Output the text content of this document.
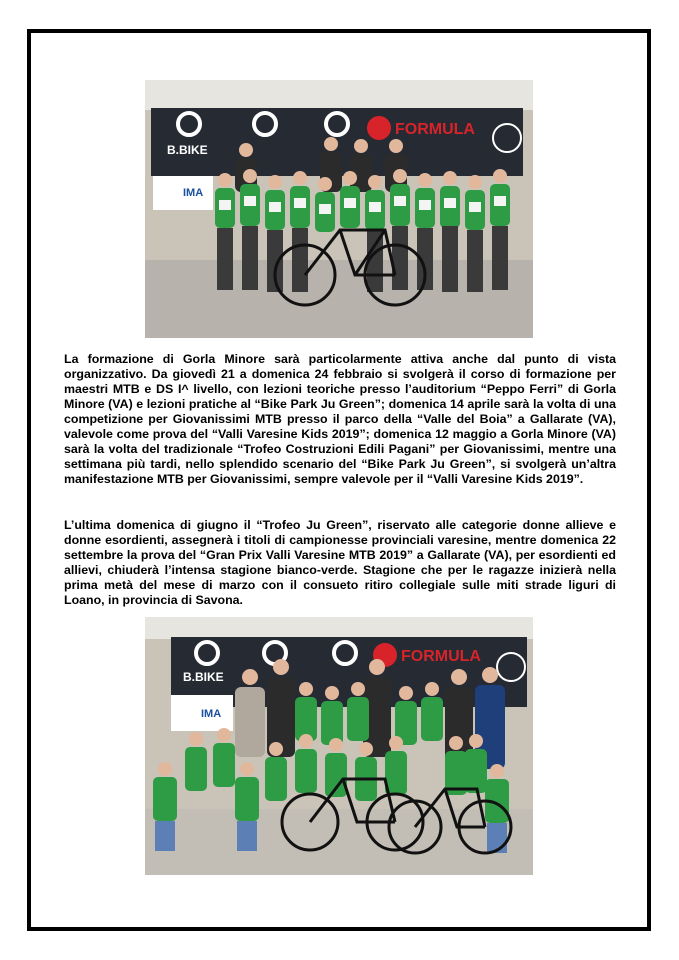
B.BIKE
FORMULA
IMA

La formazione di Gorla Minore sarà particolarmente attiva anche dal punto di vista organizzativo. Da giovedì 21 a domenica 24 febbraio si svolgerà il corso di formazione per maestri MTB e DS I^ livello, con lezioni teoriche presso l’auditorium “Peppo Ferri” di Gorla Minore (VA) e lezioni pratiche al “Bike Park Ju Green”; domenica 14 aprile sarà la volta di una competizione per Giovanissimi MTB presso il parco della “Valle del Boia” a Gallarate (VA), valevole come prova del “Valli Varesine Kids 2019”; domenica 12 maggio a Gorla Minore (VA) sarà la volta del tradizionale “Trofeo Costruzioni Edili Pagani” per Giovanissimi, mentre una settimana più tardi, nello splendido scenario del “Bike Park Ju Green”, si svolgerà un’altra manifestazione MTB per Giovanissimi, sempre valevole per il “Valli Varesine Kids 2019”.

L’ultima domenica di giugno il “Trofeo Ju Green”, riservato alle categorie donne allieve e donne esordienti, assegnerà i titoli di campionesse provinciali varesine, mentre domenica 22 settembre la prova del “Gran Prix Valli Varesine MTB 2019” a Gallarate (VA), per esordienti ed allievi, chiuderà l’intensa stagione bianco-verde. Stagione che per le ragazze inizierà nella prima metà del mese di marzo con il consueto ritiro collegiale sulle miti strade liguri di Loano, in provincia di Savona.

B.BIKE
FORMULA
IMA
